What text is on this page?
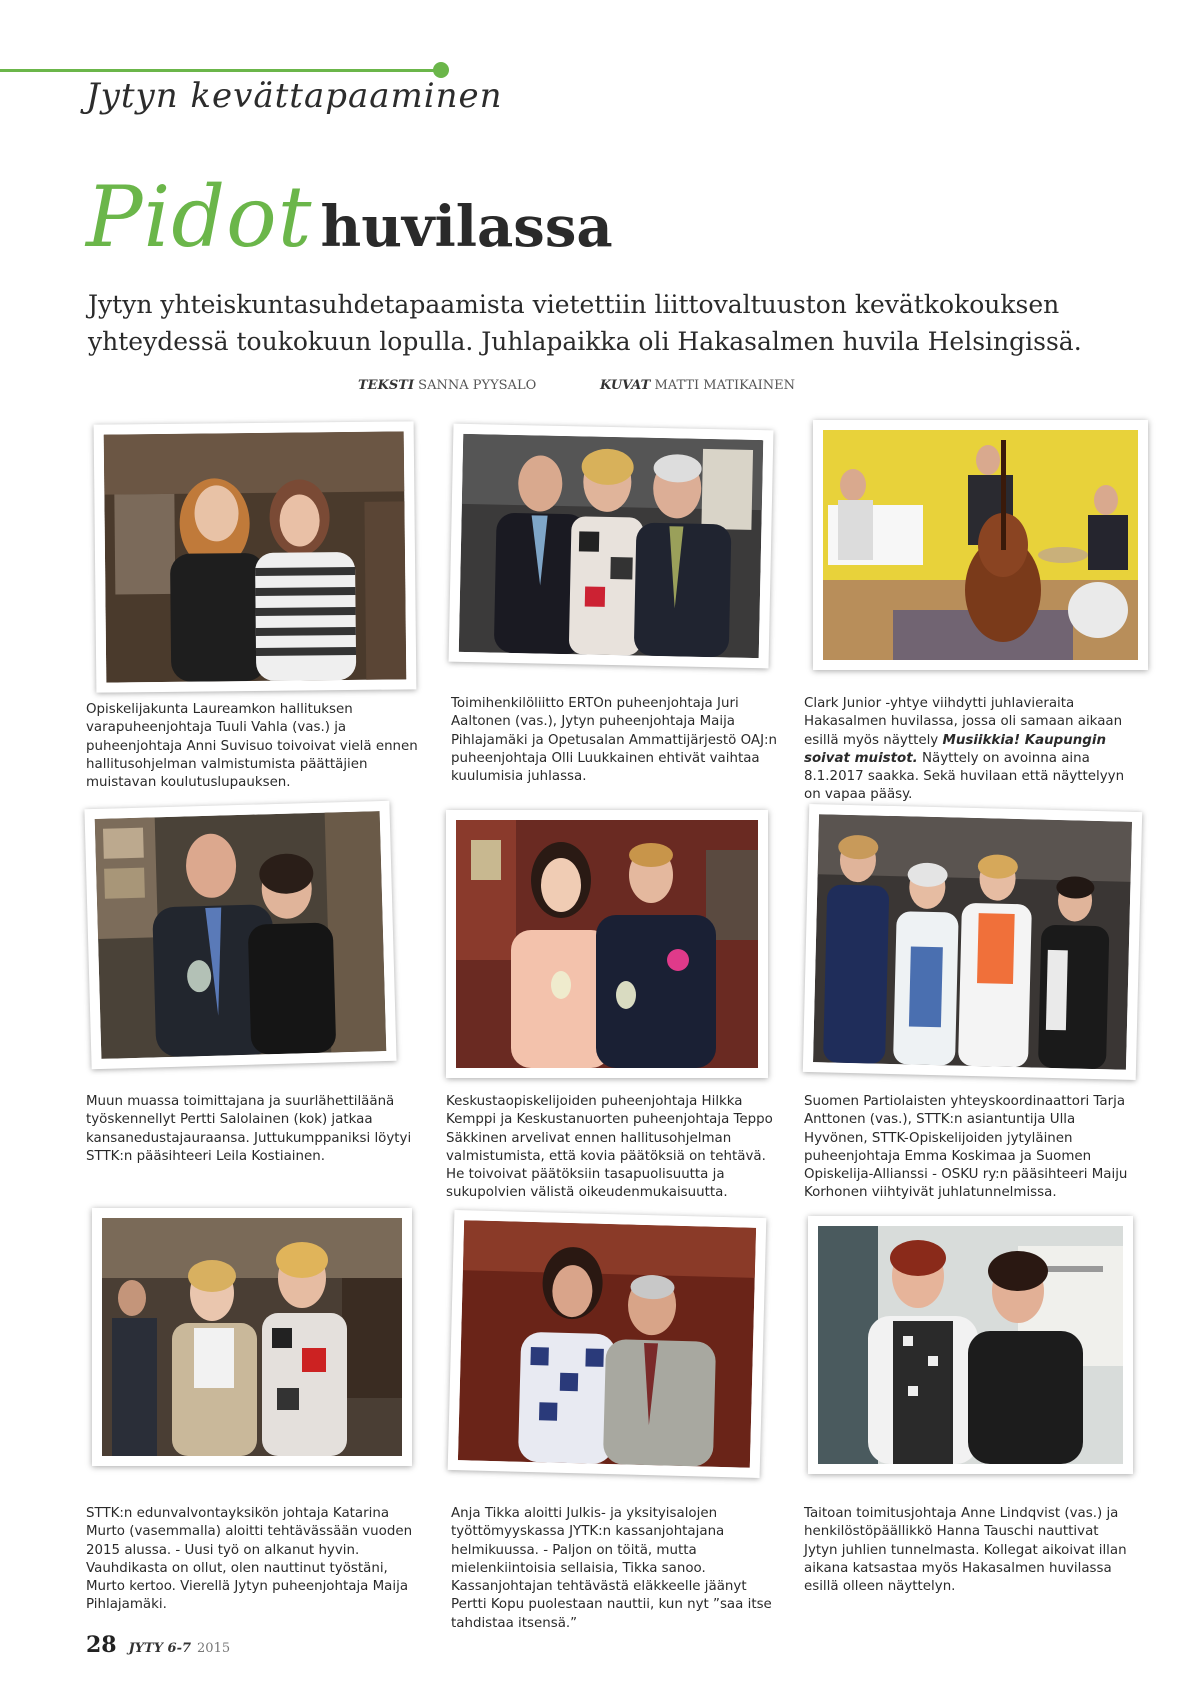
Jytyn kevättapaaminen
Pidot huvilassa

Jytyn yhteiskuntasuhdetapaamista vietettiin liittovaltuuston kevätkokouksen

yhteydessä toukokuun lopulla. Juhlapaikka oli Hakasalmen huvila Helsingissä.

TEKSTI SANNA PYYSALO	KUVAT MATTI MATIKAINEN

Opiskelijakunta Laureamkon hallituksen varapuheenjohtaja Tuuli Vahla (vas.) ja puheenjohtaja Anni Suvisuo toivoivat vielä ennen hallitusohjelman valmistumista päättäjien muistavan koulutuslupauksen.

Toimihenkilöliitto ERTOn puheenjohtaja Juri Aaltonen (vas.), Jytyn puheenjohtaja Maija Pihlajamäki ja Opetusalan Ammattijärjestö OAJ:n puheenjohtaja Olli Luukkainen ehtivät vaihtaa kuulumisia juhlassa.

Clark Junior -yhtye viihdytti juhlavieraita Hakasalmen huvilassa, jossa oli samaan aikaan esillä myös näyttely Musiikkia! Kaupungin soivat muistot. Näyttely on avoinna aina 8.1.2017 saakka. Sekä huvilaan että näyttelyyn on vapaa pääsy.

Muun muassa toimittajana ja suurlähettiläänä työskennellyt Pertti Salolainen (kok) jatkaa kansanedustajauraansa. Juttukumppaniksi löytyi STTK:n pääsihteeri Leila Kostiainen.

Keskustaopiskelijoiden puheenjohtaja Hilkka Kemppi ja Keskustanuorten puheenjohtaja Teppo Säkkinen arvelivat ennen hallitusohjelman valmistumista, että kovia päätöksiä on tehtävä. He toivoivat päätöksiin tasapuolisuutta ja sukupolvien välistä oikeudenmukaisuutta.

Suomen Partiolaisten yhteyskoordinaattori Tarja Anttonen (vas.), STTK:n asiantuntija Ulla Hyvönen, STTK-Opiskelijoiden jytyläinen puheenjohtaja Emma Koskimaa ja Suomen Opiskelija-Allianssi - OSKU ry:n pääsihteeri Maiju Korhonen viihtyivät juhlatunnelmissa.

STTK:n edunvalvontayksikön johtaja Katarina Murto (vasemmalla) aloitti tehtävässään vuoden 2015 alussa. - Uusi työ on alkanut hyvin. Vauhdikasta on ollut, olen nauttinut työstäni, Murto kertoo. Vierellä Jytyn puheenjohtaja Maija Pihlajamäki.

Anja Tikka aloitti Julkis- ja yksityisalojen työttömyyskassa JYTK:n kassanjohtajana helmikuussa. - Paljon on töitä, mutta mielenkiintoisia sellaisia, Tikka sanoo. Kassanjohtajan tehtävästä eläkkeelle jäänyt Pertti Kopu puolestaan nauttii, kun nyt ”saa itse tahdistaa itsensä.”

Taitoan toimitusjohtaja Anne Lindqvist (vas.) ja henkilöstöpäällikkö Hanna Tauschi nauttivat Jytyn juhlien tunnelmasta. Kollegat aikoivat illan aikana katsastaa myös Hakasalmen huvilassa esillä olleen näyttelyn.

28 JYTY 6-7 2015
